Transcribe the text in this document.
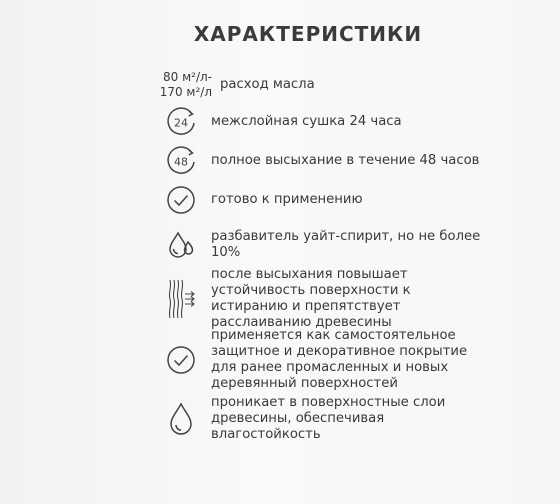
ХАРАКТЕРИСТИКИ
80 м²/л-
170 м²/л расход масла
24	межслойная сушка 24 часа
48	полное высыхание в течение 48 часов
готово к применению
разбавитель уайт-спирит, но не более 10%
после высыхания повышает устойчивость поверхности к истиранию и препятствует расслаиванию древесины
применяется как самостоятельное защитное и декоративное покрытие для ранее промасленных и новых деревянный поверхностей
проникает в поверхностные слои древесины, обеспечивая влагостойкость
